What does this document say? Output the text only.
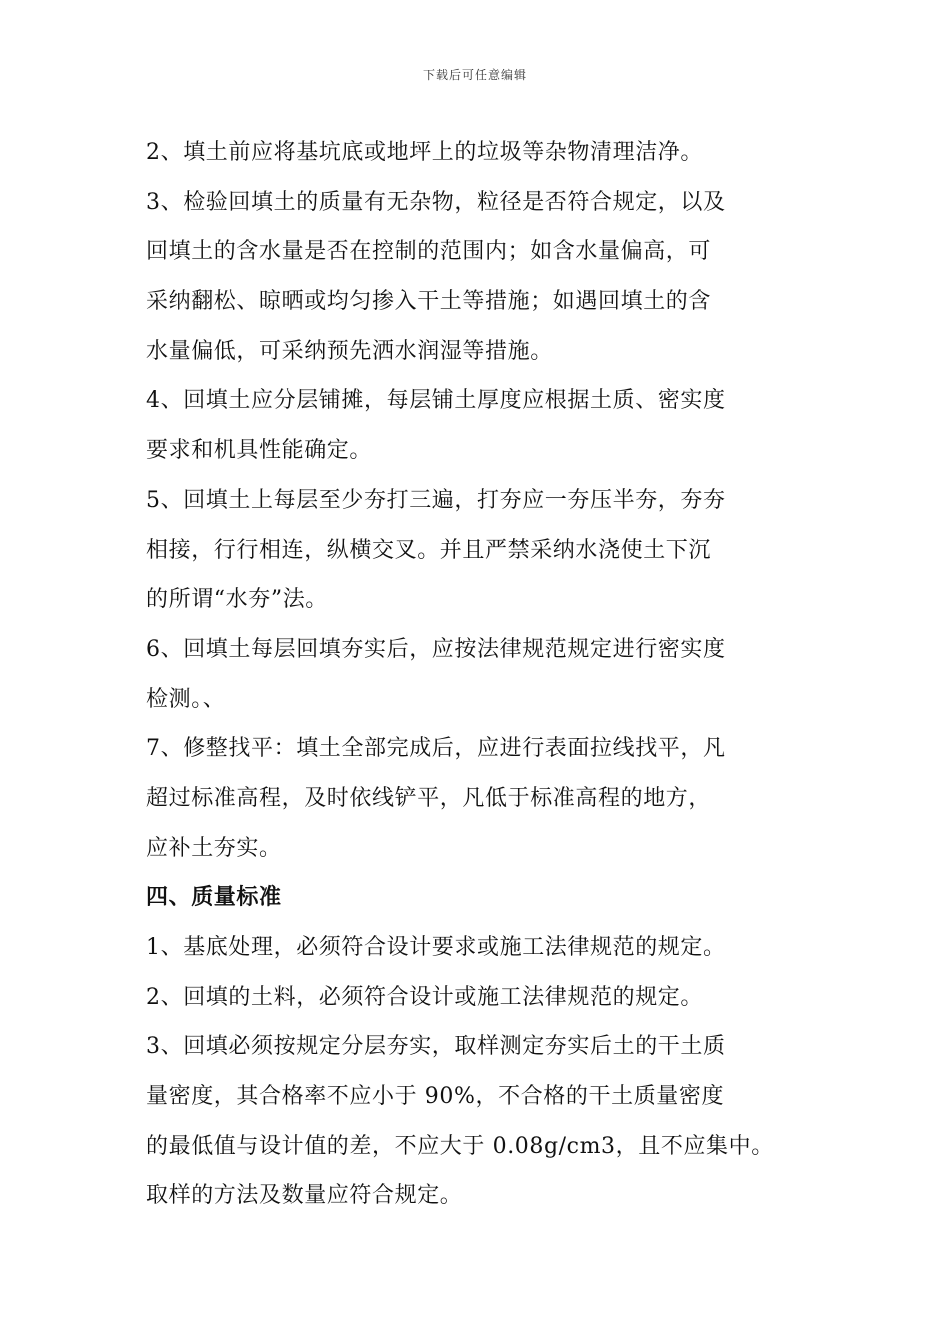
下载后可任意编辑
2、填土前应将基坑底或地坪上的垃圾等杂物清理洁净。
3、检验回填土的质量有无杂物，粒径是否符合规定，以及
回填土的含水量是否在控制的范围内；如含水量偏高，可
采纳翻松、晾晒或均匀掺入干土等措施；如遇回填土的含
水量偏低，可采纳预先洒水润湿等措施。
4、回填土应分层铺摊，每层铺土厚度应根据土质、密实度
要求和机具性能确定。
5、回填土上每层至少夯打三遍，打夯应一夯压半夯，夯夯
相接，行行相连，纵横交叉。并且严禁采纳水浇使土下沉
的所谓“水夯”法。
6、回填土每层回填夯实后，应按法律规范规定进行密实度
检测。、
7、修整找平：填土全部完成后，应进行表面拉线找平，凡
超过标准高程，及时依线铲平，凡低于标准高程的地方，
应补土夯实。
四、质量标准
1、基底处理，必须符合设计要求或施工法律规范的规定。
2、回填的土料，必须符合设计或施工法律规范的规定。
3、回填必须按规定分层夯实，取样测定夯实后土的干土质
量密度，其合格率不应小于 90%，不合格的干土质量密度
的最低值与设计值的差，不应大于 0.08g/cm3，且不应集中。
取样的方法及数量应符合规定。
